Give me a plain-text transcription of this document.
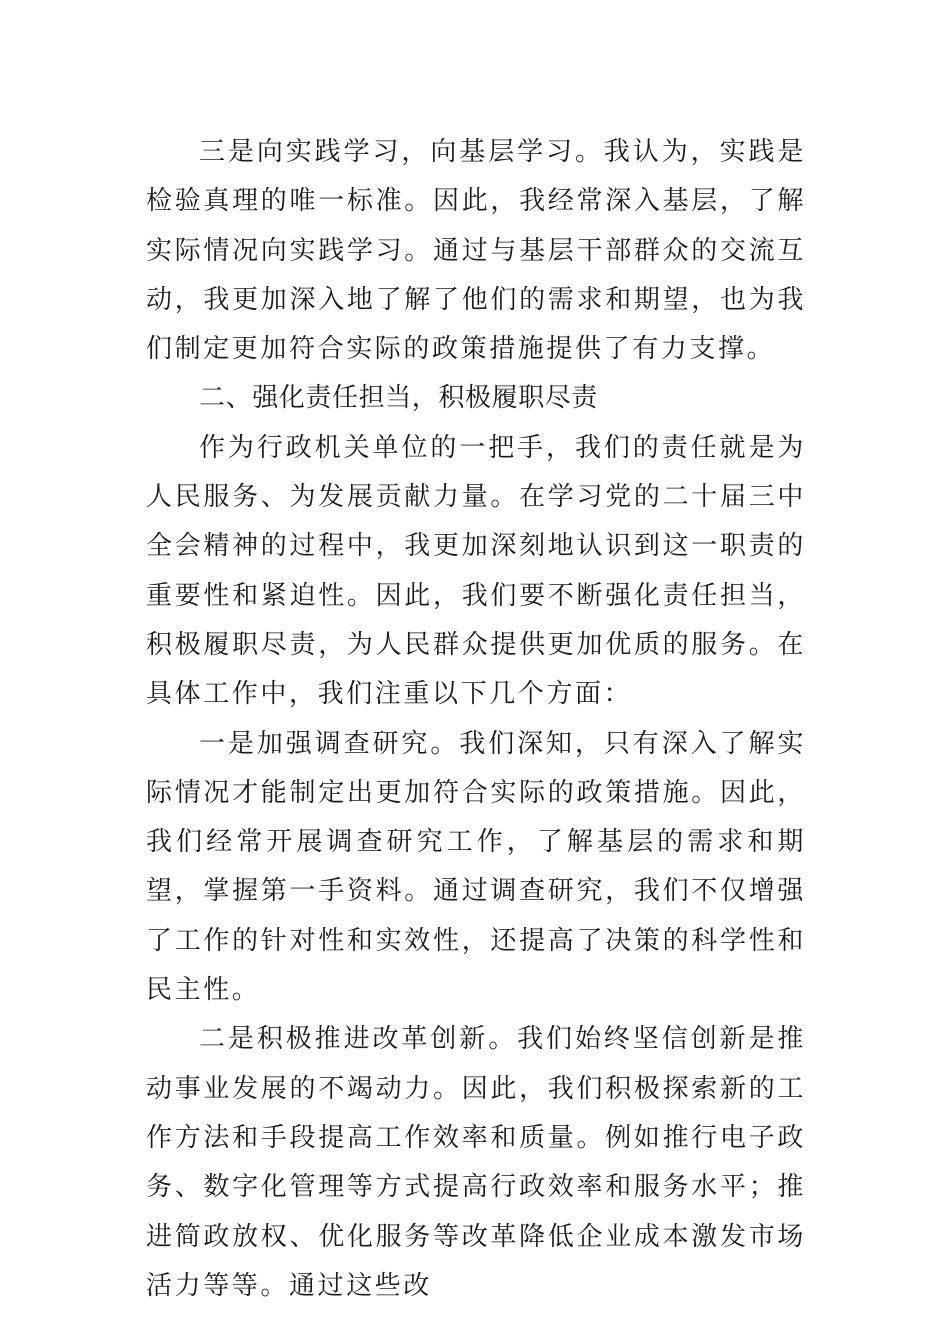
三是向实践学习，向基层学习。我认为，实践是检验真理的唯一标准。因此，我经常深入基层，了解实际情况向实践学习。通过与基层干部群众的交流互动，我更加深入地了解了他们的需求和期望，也为我们制定更加符合实际的政策措施提供了有力支撑。

二、强化责任担当，积极履职尽责

作为行政机关单位的一把手，我们的责任就是为人民服务、为发展贡献力量。在学习党的二十届三中全会精神的过程中，我更加深刻地认识到这一职责的重要性和紧迫性。因此，我们要不断强化责任担当，积极履职尽责，为人民群众提供更加优质的服务。在具体工作中，我们注重以下几个方面：

一是加强调查研究。我们深知，只有深入了解实际情况才能制定出更加符合实际的政策措施。因此，我们经常开展调查研究工作，了解基层的需求和期望，掌握第一手资料。通过调查研究，我们不仅增强了工作的针对性和实效性，还提高了决策的科学性和民主性。

二是积极推进改革创新。我们始终坚信创新是推动事业发展的不竭动力。因此，我们积极探索新的工作方法和手段提高工作效率和质量。例如推行电子政务、数字化管理等方式提高行政效率和服务水平；推进简政放权、优化服务等改革降低企业成本激发市场活力等等。通过这些改
